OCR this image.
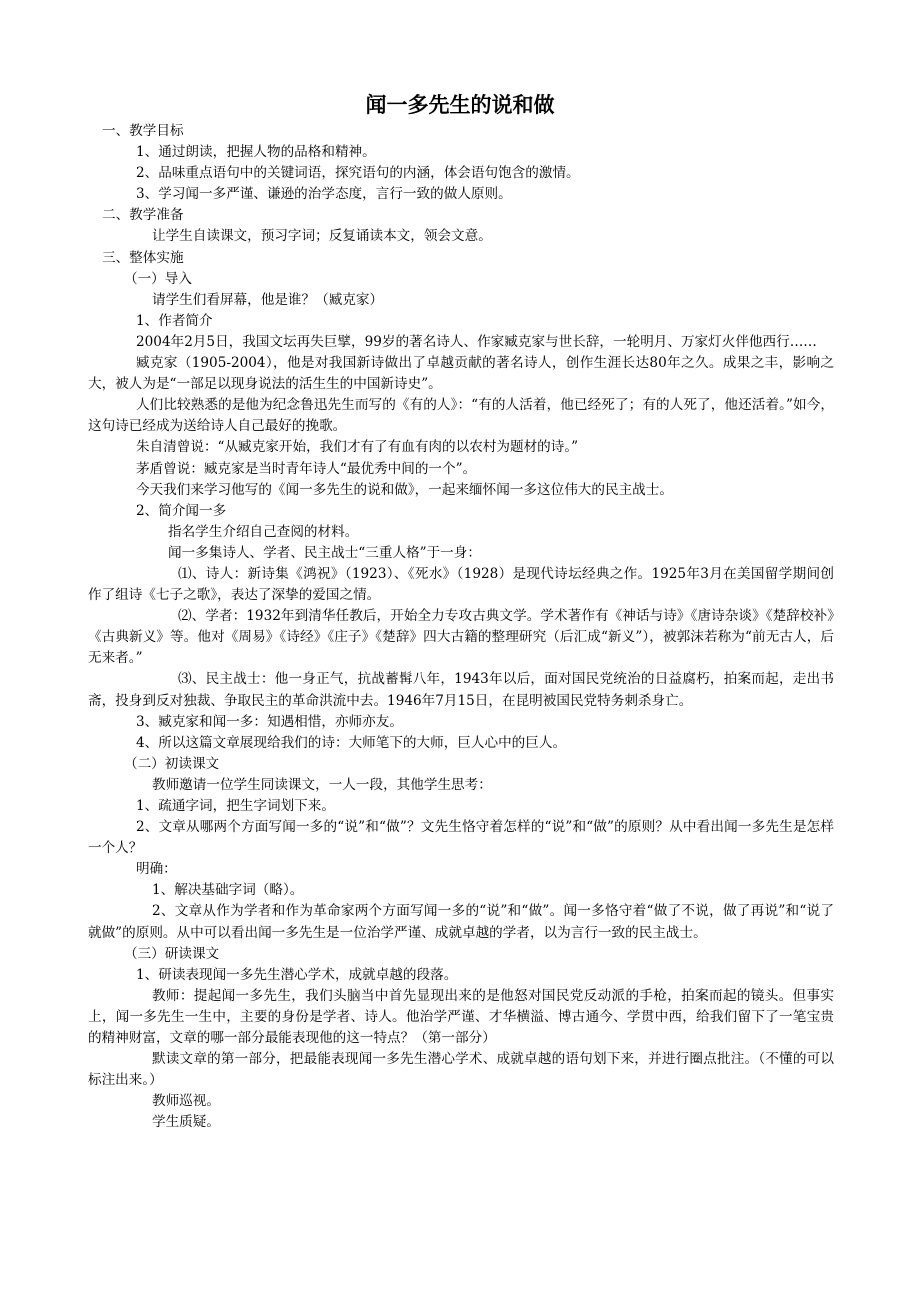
闻一多先生的说和做

一、教学目标

1、通过朗读，把握人物的品格和精神。

2、品味重点语句中的关键词语，探究语句的内涵，体会语句饱含的激情。

3、学习闻一多严谨、谦逊的治学态度，言行一致的做人原则。

二、教学准备

让学生自读课文，预习字词；反复诵读本文，领会文意。

三、整体实施

（一）导入

请学生们看屏幕，他是谁？（臧克家）

1、作者简介

2004年2月5日，我国文坛再失巨擘，99岁的著名诗人、作家臧克家与世长辞，一轮明月、万家灯火伴他西行……

臧克家（1905-2004），他是对我国新诗做出了卓越贡献的著名诗人，创作生涯长达80年之久。成果之丰，影响之大，被人为是“一部足以现身说法的活生生的中国新诗史”。

人们比较熟悉的是他为纪念鲁迅先生而写的《有的人》：“有的人活着，他已经死了；有的人死了，他还活着。”如今，这句诗已经成为送给诗人自己最好的挽歌。

朱自清曾说：“从臧克家开始，我们才有了有血有肉的以农村为题材的诗。”

茅盾曾说：臧克家是当时青年诗人“最优秀中间的一个”。

今天我们来学习他写的《闻一多先生的说和做》，一起来缅怀闻一多这位伟大的民主战士。

2、简介闻一多

指名学生介绍自己查阅的材料。

闻一多集诗人、学者、民主战士“三重人格”于一身：

⑴、诗人：新诗集《鸿祝》（1923）、《死水》（1928）是现代诗坛经典之作。1925年3月在美国留学期间创作了组诗《七子之歌》，表达了深挚的爱国之情。

⑵、学者：1932年到清华任教后，开始全力专攻古典文学。学术著作有《神话与诗》《唐诗杂谈》《楚辞校补》《古典新义》等。他对《周易》《诗经》《庄子》《楚辞》四大古籍的整理研究（后汇成“新义”），被郭沫若称为“前无古人，后无来者。”

⑶、民主战士：他一身正气，抗战蓄髯八年，1943年以后，面对国民党统治的日益腐朽，拍案而起，走出书斋，投身到反对独裁、争取民主的革命洪流中去。1946年7月15日，在昆明被国民党特务刺杀身亡。

3、臧克家和闻一多：知遇相惜，亦师亦友。

4、所以这篇文章展现给我们的诗：大师笔下的大师，巨人心中的巨人。

（二）初读课文

教师邀请一位学生同读课文，一人一段，其他学生思考：

1、疏通字词，把生字词划下来。

2、文章从哪两个方面写闻一多的“说”和“做”？文先生恪守着怎样的“说”和“做”的原则？从中看出闻一多先生是怎样一个人？

明确：

1、解决基础字词（略）。

2、文章从作为学者和作为革命家两个方面写闻一多的“说”和“做”。闻一多恪守着“做了不说，做了再说”和“说了就做”的原则。从中可以看出闻一多先生是一位治学严谨、成就卓越的学者，以为言行一致的民主战士。

（三）研读课文

1、研读表现闻一多先生潜心学术，成就卓越的段落。

教师：提起闻一多先生，我们头脑当中首先显现出来的是他怒对国民党反动派的手枪，拍案而起的镜头。但事实上，闻一多先生一生中，主要的身份是学者、诗人。他治学严谨、才华横溢、博古通今、学贯中西，给我们留下了一笔宝贵的精神财富，文章的哪一部分最能表现他的这一特点？（第一部分）

默读文章的第一部分，把最能表现闻一多先生潜心学术、成就卓越的语句划下来，并进行圈点批注。（不懂的可以标注出来。）

教师巡视。

学生质疑。
